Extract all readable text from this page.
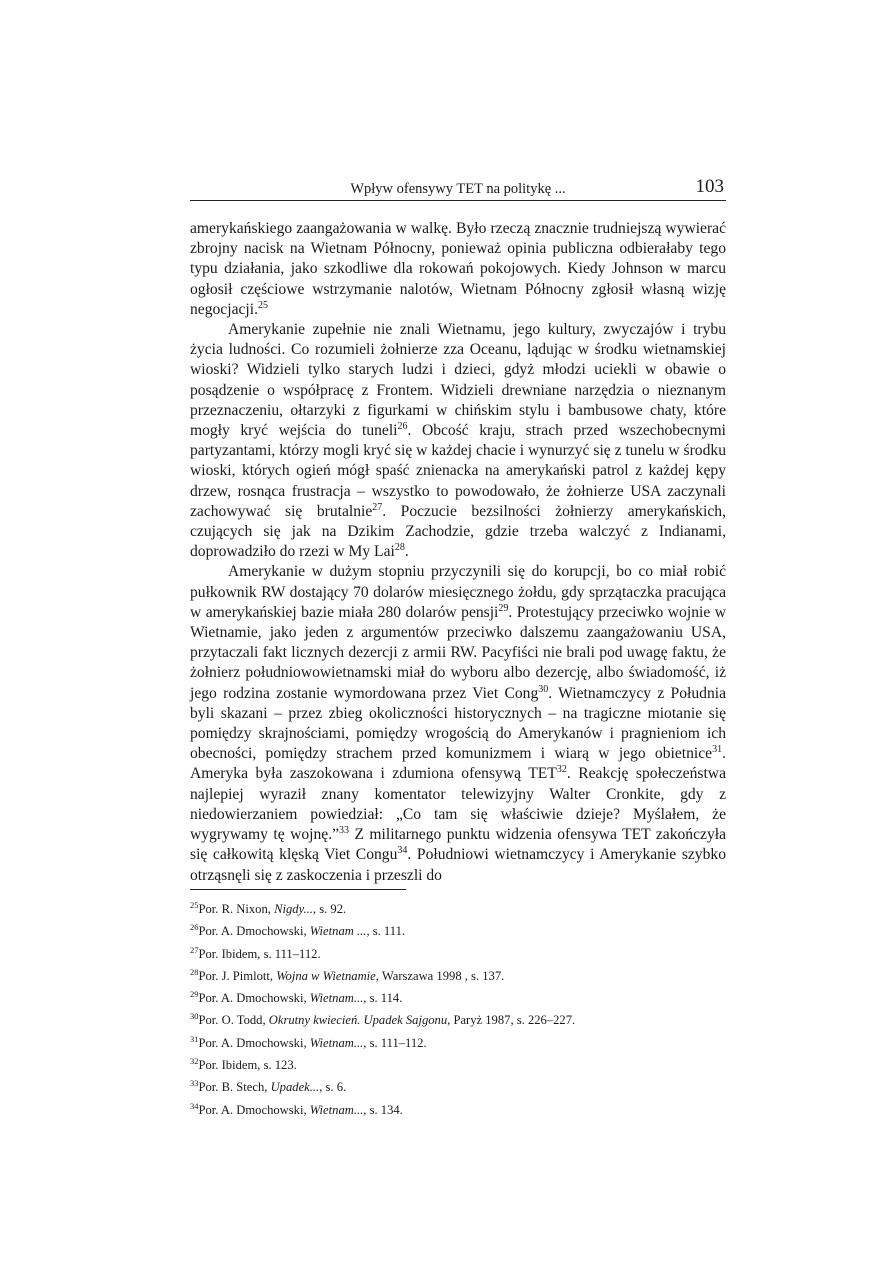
Wpływ ofensywy TET na politykę ...	103

amerykańskiego zaangażowania w walkę. Było rzeczą znacznie trudniejszą wywierać zbrojny nacisk na Wietnam Północny, ponieważ opinia publiczna odbierałaby tego typu działania, jako szkodliwe dla rokowań pokojowych. Kiedy Johnson w marcu ogłosił częściowe wstrzymanie nalotów, Wietnam Północny zgłosił własną wizję negocjacji.$^{25}$

Amerykanie zupełnie nie znali Wietnamu, jego kultury, zwyczajów i trybu życia ludności. Co rozumieli żołnierze zza Oceanu, lądując w środku wietnamskiej wioski? Widzieli tylko starych ludzi i dzieci, gdyż młodzi uciekli w obawie o posądzenie o współpracę z Frontem. Widzieli drewniane narzędzia o nieznanym przeznaczeniu, ołtarzyki z figurkami w chińskim stylu i bambusowe chaty, które mogły kryć wejścia do tuneli$^{26}$. Obcość kraju, strach przed wszechobecnymi partyzantami, którzy mogli kryć się w każdej chacie i wynurzyć się z tunelu w środku wioski, których ogień mógł spaść znienacka na amerykański patrol z każdej kępy drzew, rosnąca frustracja – wszystko to powodowało, że żołnierze USA zaczynali zachowywać się brutalnie$^{27}$. Poczucie bezsilności żołnierzy amerykańskich, czujących się jak na Dzikim Zachodzie, gdzie trzeba walczyć z Indianami, doprowadziło do rzezi w My Lai$^{28}$.

Amerykanie w dużym stopniu przyczynili się do korupcji, bo co miał robić pułkownik RW dostający 70 dolarów miesięcznego żołdu, gdy sprzątaczka pracująca w amerykańskiej bazie miała 280 dolarów pensji$^{29}$. Protestujący przeciwko wojnie w Wietnamie, jako jeden z argumentów przeciwko dalszemu zaangażowaniu USA, przytaczali fakt licznych dezercji z armii RW. Pacyfiści nie brali pod uwagę faktu, że żołnierz południowowietnamski miał do wyboru albo dezercję, albo świadomość, iż jego rodzina zostanie wymordowana przez Viet Cong$^{30}$. Wietnamczycy z Południa byli skazani – przez zbieg okoliczności historycznych – na tragiczne miotanie się pomiędzy skrajnościami, pomiędzy wrogością do Amerykanów i pragnieniom ich obecności, pomiędzy strachem przed komunizmem i wiarą w jego obietnice$^{31}$. Ameryka była zaszokowana i zdumiona ofensywą TET$^{32}$. Reakcję społeczeństwa najlepiej wyraził znany komentator telewizyjny Walter Cronkite, gdy z niedowierzaniem powiedział: „Co tam się właściwie dzieje? Myślałem, że wygrywamy tę wojnę.”$^{33}$ Z militarnego punktu widzenia ofensywa TET zakończyła się całkowitą klęską Viet Congu$^{34}$. Południowi wietnamczycy i Amerykanie szybko otrząsnęli się z zaskoczenia i przeszli do

$^{25}$Por. R. Nixon, Nigdy..., s. 92.
$^{26}$Por. A. Dmochowski, Wietnam ..., s. 111.
$^{27}$Por. Ibidem, s. 111–112.
$^{28}$Por. J. Pimlott, Wojna w Wietnamie, Warszawa 1998 , s. 137.
$^{29}$Por. A. Dmochowski, Wietnam..., s. 114.
$^{30}$Por. O. Todd, Okrutny kwiecień. Upadek Sajgonu, Paryż 1987, s. 226–227.
$^{31}$Por. A. Dmochowski, Wietnam..., s. 111–112.
$^{32}$Por. Ibidem, s. 123.
$^{33}$Por. B. Stech, Upadek..., s. 6.
$^{34}$Por. A. Dmochowski, Wietnam..., s. 134.
